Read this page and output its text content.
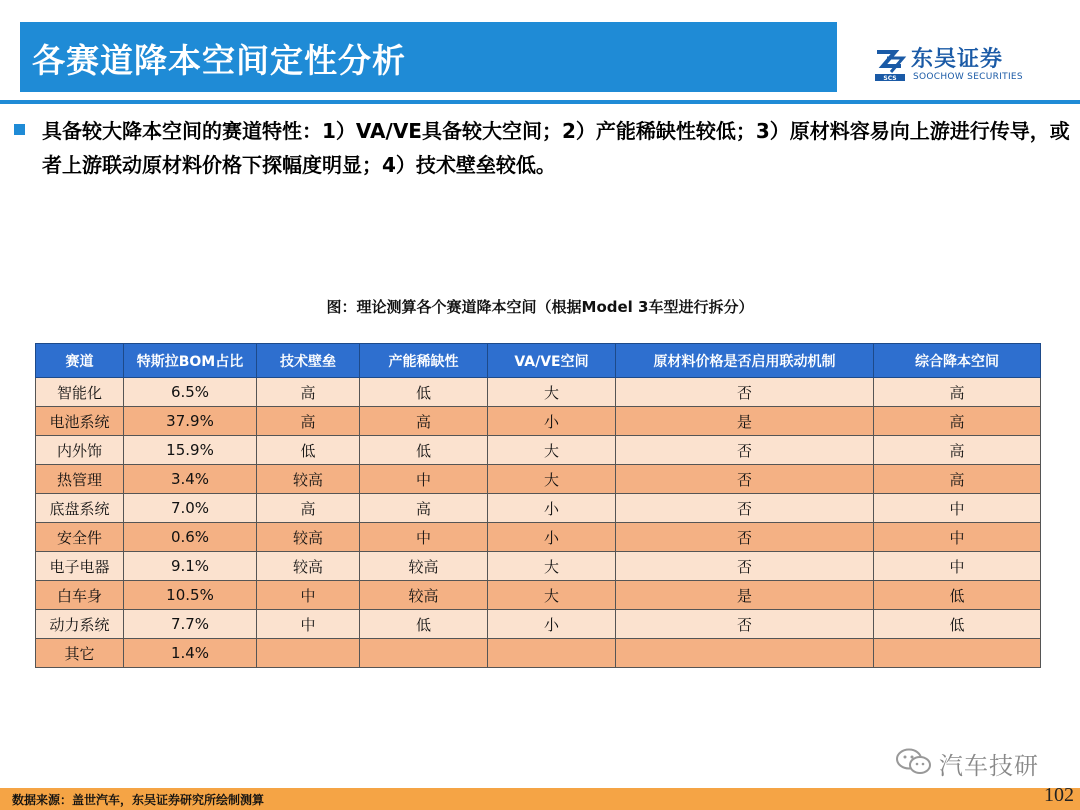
各赛道降本空间定性分析	SCS
东吴证券
SOOCHOW SECURITIES
具备较大降本空间的赛道特性：1）VA/VE具备较大空间；2）产能稀缺性较低；3）原材料容易向上游进行传导，或者上游联动原材料价格下探幅度明显；4）技术壁垒较低。
图：理论测算各个赛道降本空间（根据Model 3车型进行拆分）
赛道	特斯拉BOM占比	技术壁垒	产能稀缺性	VA/VE空间	原材料价格是否启用联动机制	综合降本空间
智能化	6.5%	高	低	大	否	高
电池系统	37.9%	高	高	小	是	高
内外饰	15.9%	低	低	大	否	高
热管理	3.4%	较高	中	大	否	高
底盘系统	7.0%	高	高	小	否	中
安全件	0.6%	较高	中	小	否	中
电子电器	9.1%	较高	较高	大	否	中
白车身	10.5%	中	较高	大	是	低
动力系统	7.7%	中	低	小	否	低
其它	1.4%					
汽车技研
数据来源：盖世汽车，东吴证券研究所绘制测算	102
